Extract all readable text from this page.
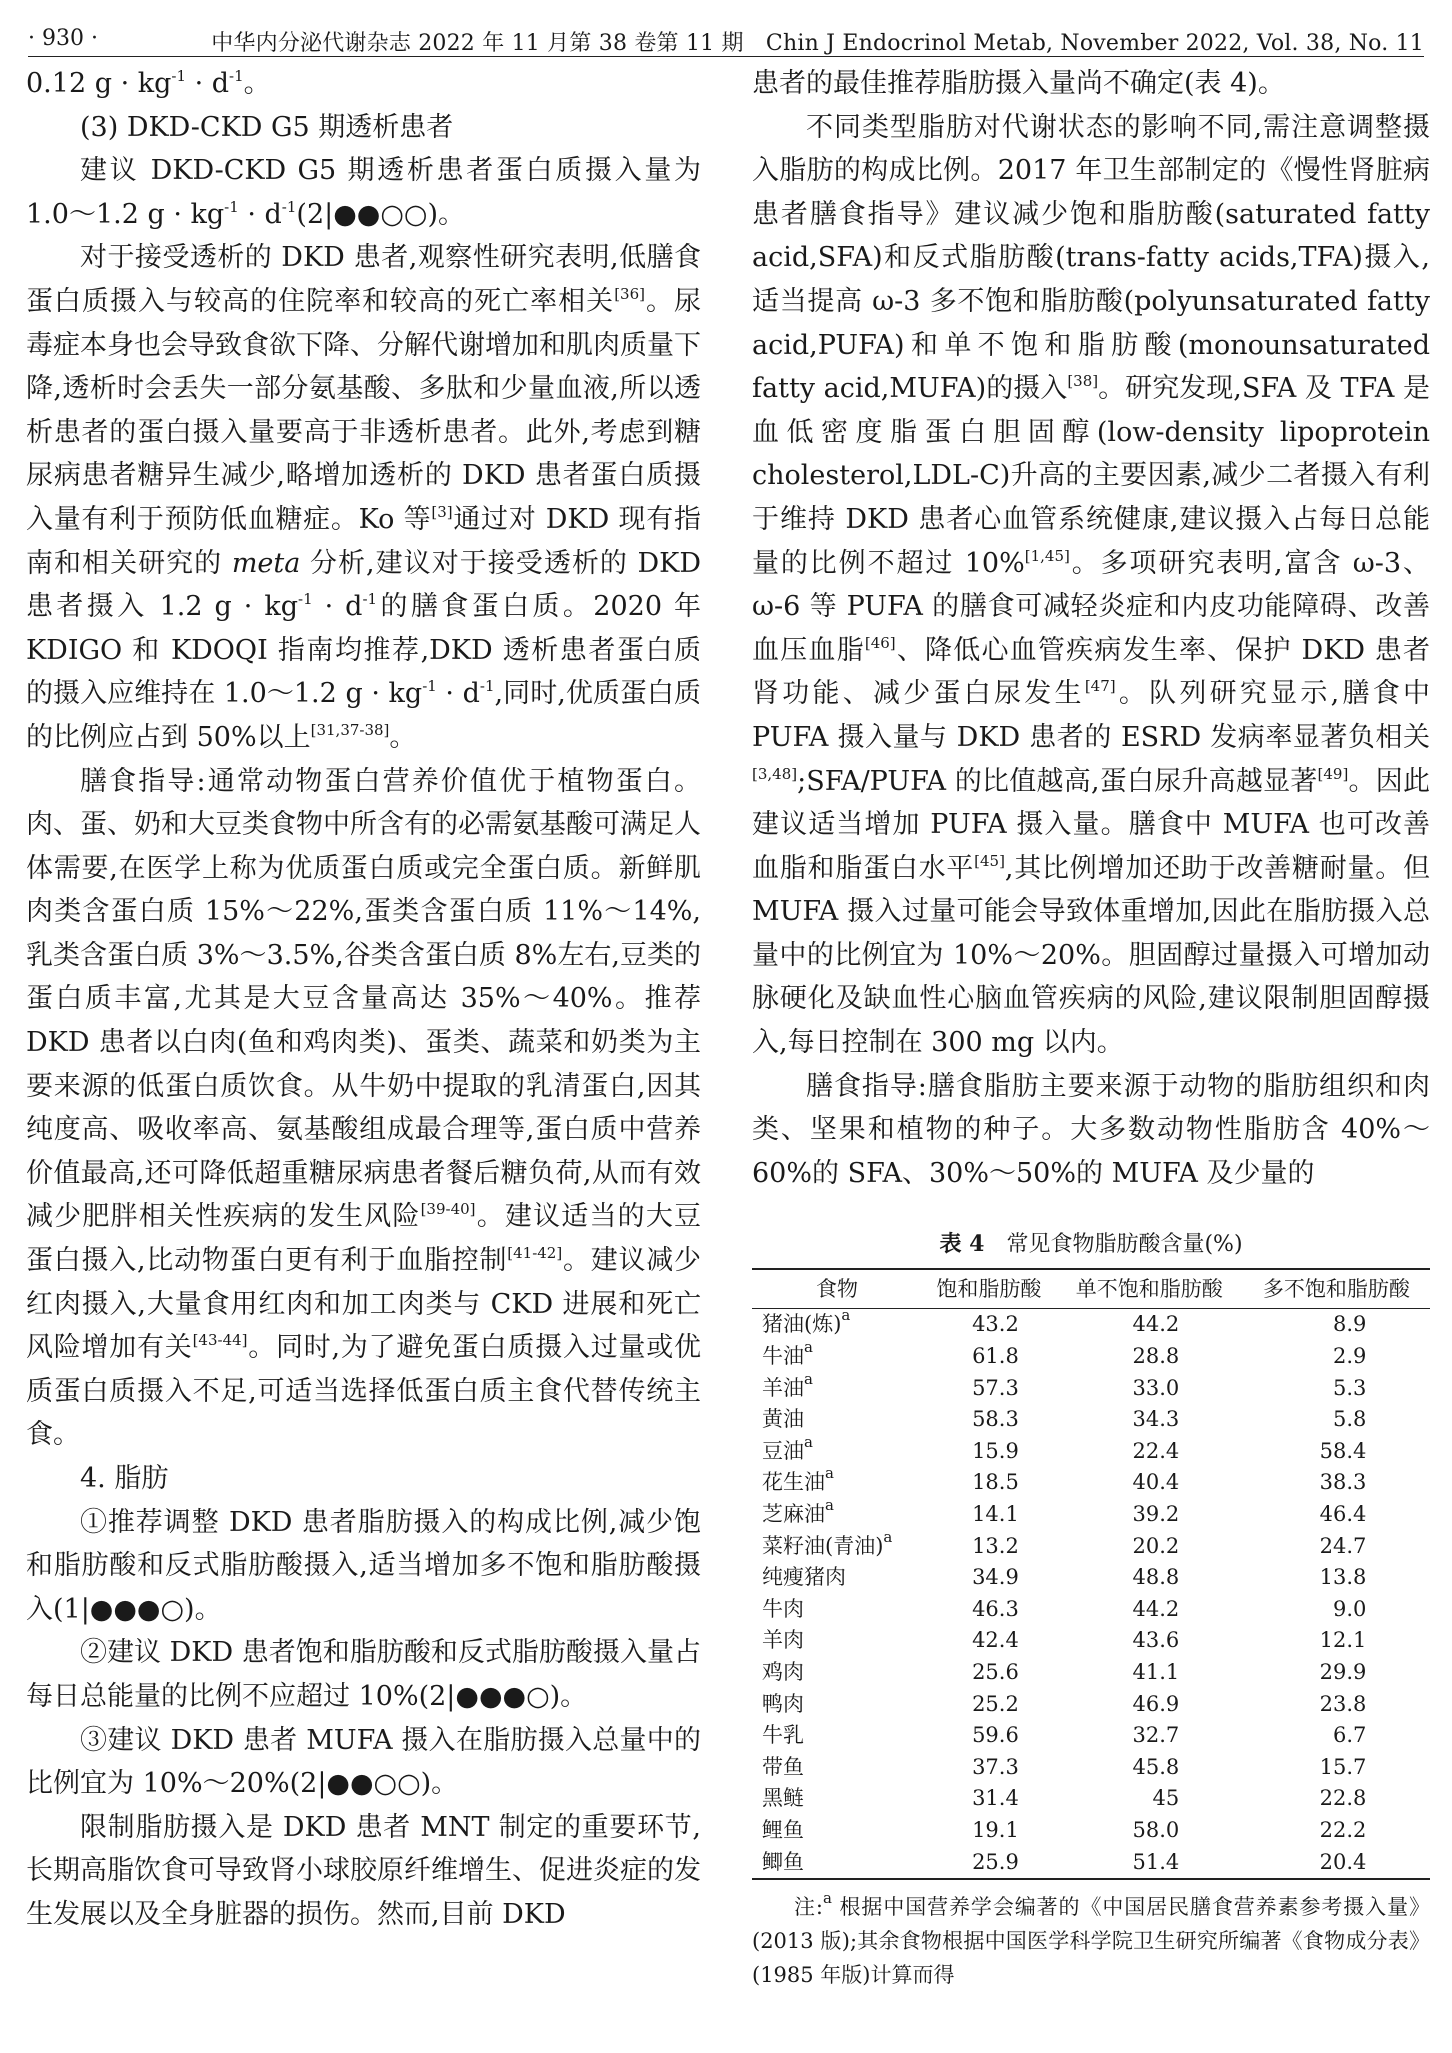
· 930 ·	中华内分泌代谢杂志 2022 年 11 月第 38 卷第 11 期　Chin J Endocrinol Metab, November 2022, Vol. 38, No. 11

0.12 $g \cdot kg^{-1} \cdot d^{-1}$。

(3) DKD-CKD G5 期透析患者

建议 DKD-CKD G5 期透析患者蛋白质摄入量为 1.0～1.2 $g \cdot kg^{-1}$ · $d^{-1}(2|●●○○)$。

对于接受透析的 DKD 患者,观察性研究表明,低膳食蛋白质摄入与较高的住院率和较高的死亡率相关[36]。尿毒症本身也会导致食欲下降、分解代谢增加和肌肉质量下降,透析时会丢失一部分氨基酸、多肽和少量血液,所以透析患者的蛋白摄入量要高于非透析患者。此外,考虑到糖尿病患者糖异生减少,略增加透析的 DKD 患者蛋白质摄入量有利于预防低血糖症。Ko 等[3]通过对 DKD 现有指南和相关研究的 meta 分析,建议对于接受透析的 DKD 患者摄入 1.2 $g \cdot kg^{-1} \cdot d^{-1}$的膳食蛋白质。2020 年 KDIGO 和 KDOQI 指南均推荐,DKD 透析患者蛋白质的摄入应维持在 1.0～1.2 $g \cdot kg^{-1} \cdot d^{-1}$,同时,优质蛋白质的比例应占到 50%以上[31,37-38]。

膳食指导:通常动物蛋白营养价值优于植物蛋白。肉、蛋、奶和大豆类食物中所含有的必需氨基酸可满足人体需要,在医学上称为优质蛋白质或完全蛋白质。新鲜肌肉类含蛋白质 15%～22%,蛋类含蛋白质 11%～14%,乳类含蛋白质 3%～3.5%,谷类含蛋白质 8%左右,豆类的蛋白质丰富,尤其是大豆含量高达 35%～40%。推荐 DKD 患者以白肉(鱼和鸡肉类)、蛋类、蔬菜和奶类为主要来源的低蛋白质饮食。从牛奶中提取的乳清蛋白,因其纯度高、吸收率高、氨基酸组成最合理等,蛋白质中营养价值最高,还可降低超重糖尿病患者餐后糖负荷,从而有效减少肥胖相关性疾病的发生风险[39-40]。建议适当的大豆蛋白摄入,比动物蛋白更有利于血脂控制[41-42]。建议减少红肉摄入,大量食用红肉和加工肉类与 CKD 进展和死亡风险增加有关[43-44]。同时,为了避免蛋白质摄入过量或优质蛋白质摄入不足,可适当选择低蛋白质主食代替传统主食。

4. 脂肪

①推荐调整 DKD 患者脂肪摄入的构成比例,减少饱和脂肪酸和反式脂肪酸摄入,适当增加多不饱和脂肪酸摄入(1|●●●○)。

②建议 DKD 患者饱和脂肪酸和反式脂肪酸摄入量占每日总能量的比例不应超过 10%(2|●●●○)。

③建议 DKD 患者 MUFA 摄入在脂肪摄入总量中的比例宜为 10%～20%(2|●●○○)。

限制脂肪摄入是 DKD 患者 MNT 制定的重要环节,长期高脂饮食可导致肾小球胶原纤维增生、促进炎症的发生发展以及全身脏器的损伤。然而,目前 DKD

患者的最佳推荐脂肪摄入量尚不确定(表 4)。

不同类型脂肪对代谢状态的影响不同,需注意调整摄入脂肪的构成比例。2017 年卫生部制定的《慢性肾脏病患者膳食指导》建议减少饱和脂肪酸(saturated fatty acid,SFA)和反式脂肪酸(trans-fatty acids,TFA)摄入,适当提高 ω-3 多不饱和脂肪酸(polyunsaturated fatty acid,PUFA)和单不饱和脂肪酸(monounsaturated fatty acid,MUFA)的摄入[38]。研究发现,SFA 及 TFA 是血低密度脂蛋白胆固醇(low-density lipoprotein cholesterol,LDL-C)升高的主要因素,减少二者摄入有利于维持 DKD 患者心血管系统健康,建议摄入占每日总能量的比例不超过 10%[1,45]。多项研究表明,富含 ω-3、ω-6 等 PUFA 的膳食可减轻炎症和内皮功能障碍、改善血压血脂[46]、降低心血管疾病发生率、保护 DKD 患者肾功能、减少蛋白尿发生[47]。队列研究显示,膳食中 PUFA 摄入量与 DKD 患者的 ESRD 发病率显著负相关[3,48];SFA/PUFA 的比值越高,蛋白尿升高越显著[49]。因此建议适当增加 PUFA 摄入量。膳食中 MUFA 也可改善血脂和脂蛋白水平[45],其比例增加还助于改善糖耐量。但 MUFA 摄入过量可能会导致体重增加,因此在脂肪摄入总量中的比例宜为 10%～20%。胆固醇过量摄入可增加动脉硬化及缺血性心脑血管疾病的风险,建议限制胆固醇摄入,每日控制在 300 mg 以内。

膳食指导:膳食脂肪主要来源于动物的脂肪组织和肉类、坚果和植物的种子。大多数动物性脂肪含 40%～60%的 SFA、30%～50%的 MUFA 及少量的

表 4　 常见食物脂肪酸含量(%)
食物	饱和脂肪酸	单不饱和脂肪酸	多不饱和脂肪酸
猪油(炼)$^a$	43.2	44.2	8.9
牛油$^a$	61.8	28.8	2.9
羊油$^a$	57.3	33.0	5.3
黄油	58.3	34.3	5.8
豆油$^a$	15.9	22.4	58.4
花生油$^a$	18.5	40.4	38.3
芝麻油$^a$	14.1	39.2	46.4
菜籽油(青油)$^a$	13.2	20.2	24.7
纯瘦猪肉	34.9	48.8	13.8
牛肉	46.3	44.2	9.0
羊肉	42.4	43.6	12.1
鸡肉	25.6	41.1	29.9
鸭肉	25.2	46.9	23.8
牛乳	59.6	32.7	6.7
带鱼	37.3	45.8	15.7
黑鲢	31.4	45	22.8
鲤鱼	19.1	58.0	22.2
鲫鱼	25.9	51.4	20.4
注:$^a$ 根据中国营养学会编著的《中国居民膳食营养素参考摄入量》(2013 版);其余食物根据中国医学科学院卫生研究所编著《食物成分表》(1985 年版)计算而得
